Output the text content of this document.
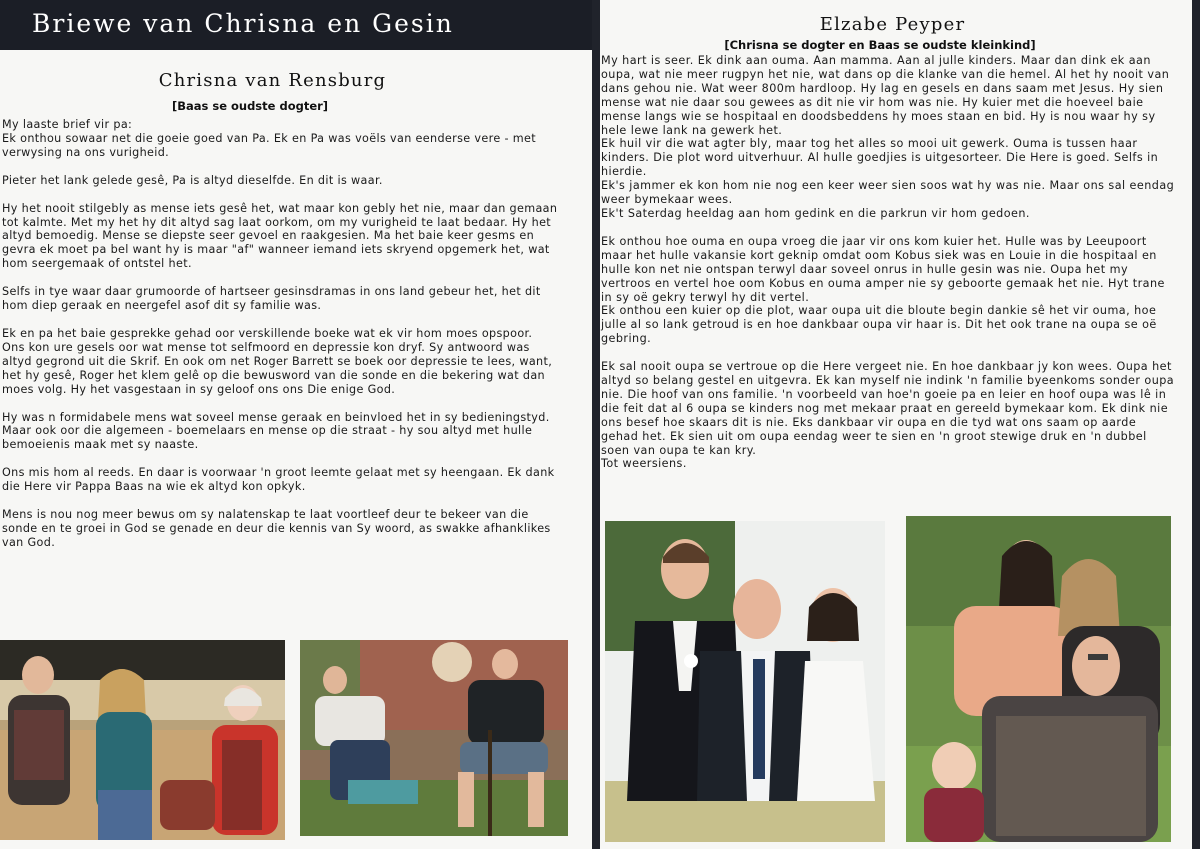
Briewe van Chrisna en Gesin
Chrisna van Rensburg
[Baas se oudste dogter]

My laaste brief vir pa:

Ek onthou sowaar net die goeie goed van Pa. Ek en Pa was voëls van eenderse vere - met verwysing na ons vurigheid.

Pieter het lank gelede gesê, Pa is altyd dieselfde. En dit is waar.

Hy het nooit stilgebly as mense iets gesê het, wat maar kon gebly het nie, maar dan gemaan tot kalmte. Met my het hy dit altyd sag laat oorkom, om my vurigheid te laat bedaar. Hy het altyd bemoedig. Mense se diepste seer gevoel en raakgesien. Ma het baie keer gesms en gevra ek moet pa bel want hy is maar "af" wanneer iemand iets skryend opgemerk het, wat hom seergemaak of ontstel het.

Selfs in tye waar daar grumoorde of hartseer gesinsdramas in ons land gebeur het, het dit hom diep geraak en neergefel asof dit sy familie was.

Ek en pa het baie gesprekke gehad oor verskillende boeke wat ek vir hom moes opspoor. Ons kon ure gesels oor wat mense tot selfmoord en depressie kon dryf. Sy antwoord was altyd gegrond uit die Skrif. En ook om net Roger Barrett se boek oor depressie te lees, want, het hy gesê, Roger het klem gelê op die bewusword van die sonde en die bekering wat dan moes volg. Hy het vasgestaan in sy geloof ons ons Die enige God.

Hy was n formidabele mens wat soveel mense geraak en beinvloed het in sy bedieningstyd. Maar ook oor die algemeen - boemelaars en mense op die straat - hy sou altyd met hulle bemoeienis maak met sy naaste.

Ons mis hom al reeds. En daar is voorwaar 'n groot leemte gelaat met sy heengaan. Ek dank die Here vir Pappa Baas na wie ek altyd kon opkyk.

Mens is nou nog meer bewus om sy nalatenskap te laat voortleef deur te bekeer van die sonde en te groei in God se genade en deur die kennis van Sy woord, as swakke afhanklikes van God.

Elzabe Peyper
[Chrisna se dogter en Baas se oudste kleinkind]

My hart is seer. Ek dink aan ouma. Aan mamma. Aan al julle kinders. Maar dan dink ek aan oupa, wat nie meer rugpyn het nie, wat dans op die klanke van die hemel. Al het hy nooit van dans gehou nie. Wat weer 800m hardloop. Hy lag en gesels en dans saam met Jesus. Hy sien mense wat nie daar sou gewees as dit nie vir hom was nie. Hy kuier met die hoeveel baie mense langs wie se hospitaal en doodsbeddens hy moes staan en bid. Hy is nou waar hy sy hele lewe lank na gewerk het.

Ek huil vir die wat agter bly, maar tog het alles so mooi uit gewerk. Ouma is tussen haar kinders. Die plot word uitverhuur. Al hulle goedjies is uitgesorteer. Die Here is goed. Selfs in hierdie.

Ek's jammer ek kon hom nie nog een keer weer sien soos wat hy was nie. Maar ons sal eendag weer bymekaar wees.

Ek't Saterdag heeldag aan hom gedink en die parkrun vir hom gedoen.

Ek onthou hoe ouma en oupa vroeg die jaar vir ons kom kuier het. Hulle was by Leeupoort maar het hulle vakansie kort geknip omdat oom Kobus siek was en Louie in die hospitaal en hulle kon net nie ontspan terwyl daar soveel onrus in hulle gesin was nie. Oupa het my vertroos en vertel hoe oom Kobus en ouma amper nie sy geboorte gemaak het nie. Hyt trane in sy oë gekry terwyl hy dit vertel.

Ek onthou een kuier op die plot, waar oupa uit die bloute begin dankie sê het vir ouma, hoe julle al so lank getroud is en hoe dankbaar oupa vir haar is. Dit het ook trane na oupa se oë gebring.

Ek sal nooit oupa se vertroue op die Here vergeet nie. En hoe dankbaar jy kon wees. Oupa het altyd so belang gestel en uitgevra. Ek kan myself nie indink 'n familie byeenkoms sonder oupa nie. Die hoof van ons familie. 'n voorbeeld van hoe'n goeie pa en leier en hoof oupa was lê in die feit dat al 6 oupa se kinders nog met mekaar praat en gereeld bymekaar kom. Ek dink nie ons besef hoe skaars dit is nie. Eks dankbaar vir oupa en die tyd wat ons saam op aarde gehad het. Ek sien uit om oupa eendag weer te sien en 'n groot stewige druk en 'n dubbel soen van oupa te kan kry.

Tot weersiens.
